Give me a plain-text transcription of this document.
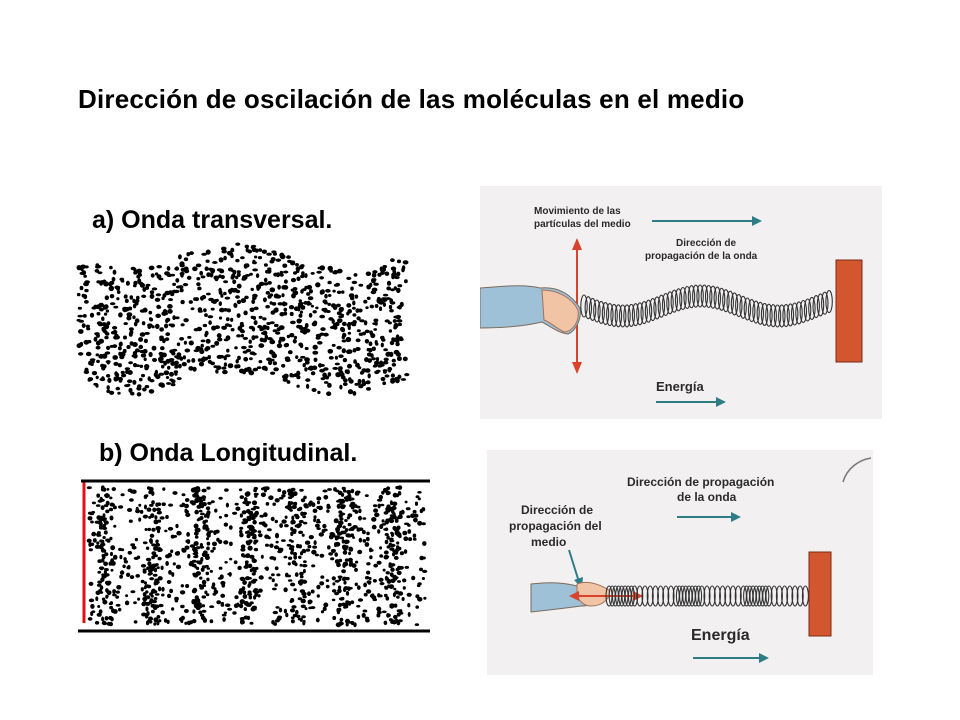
Dirección de oscilación de las moléculas en el medio
a) Onda transversal.
b) Onda Longitudinal.
Movimiento de las
partículas del medio
Dirección de
propagación de la onda
Energía
Dirección de propagación
de la onda
Dirección de
propagación del
medio
Energía
